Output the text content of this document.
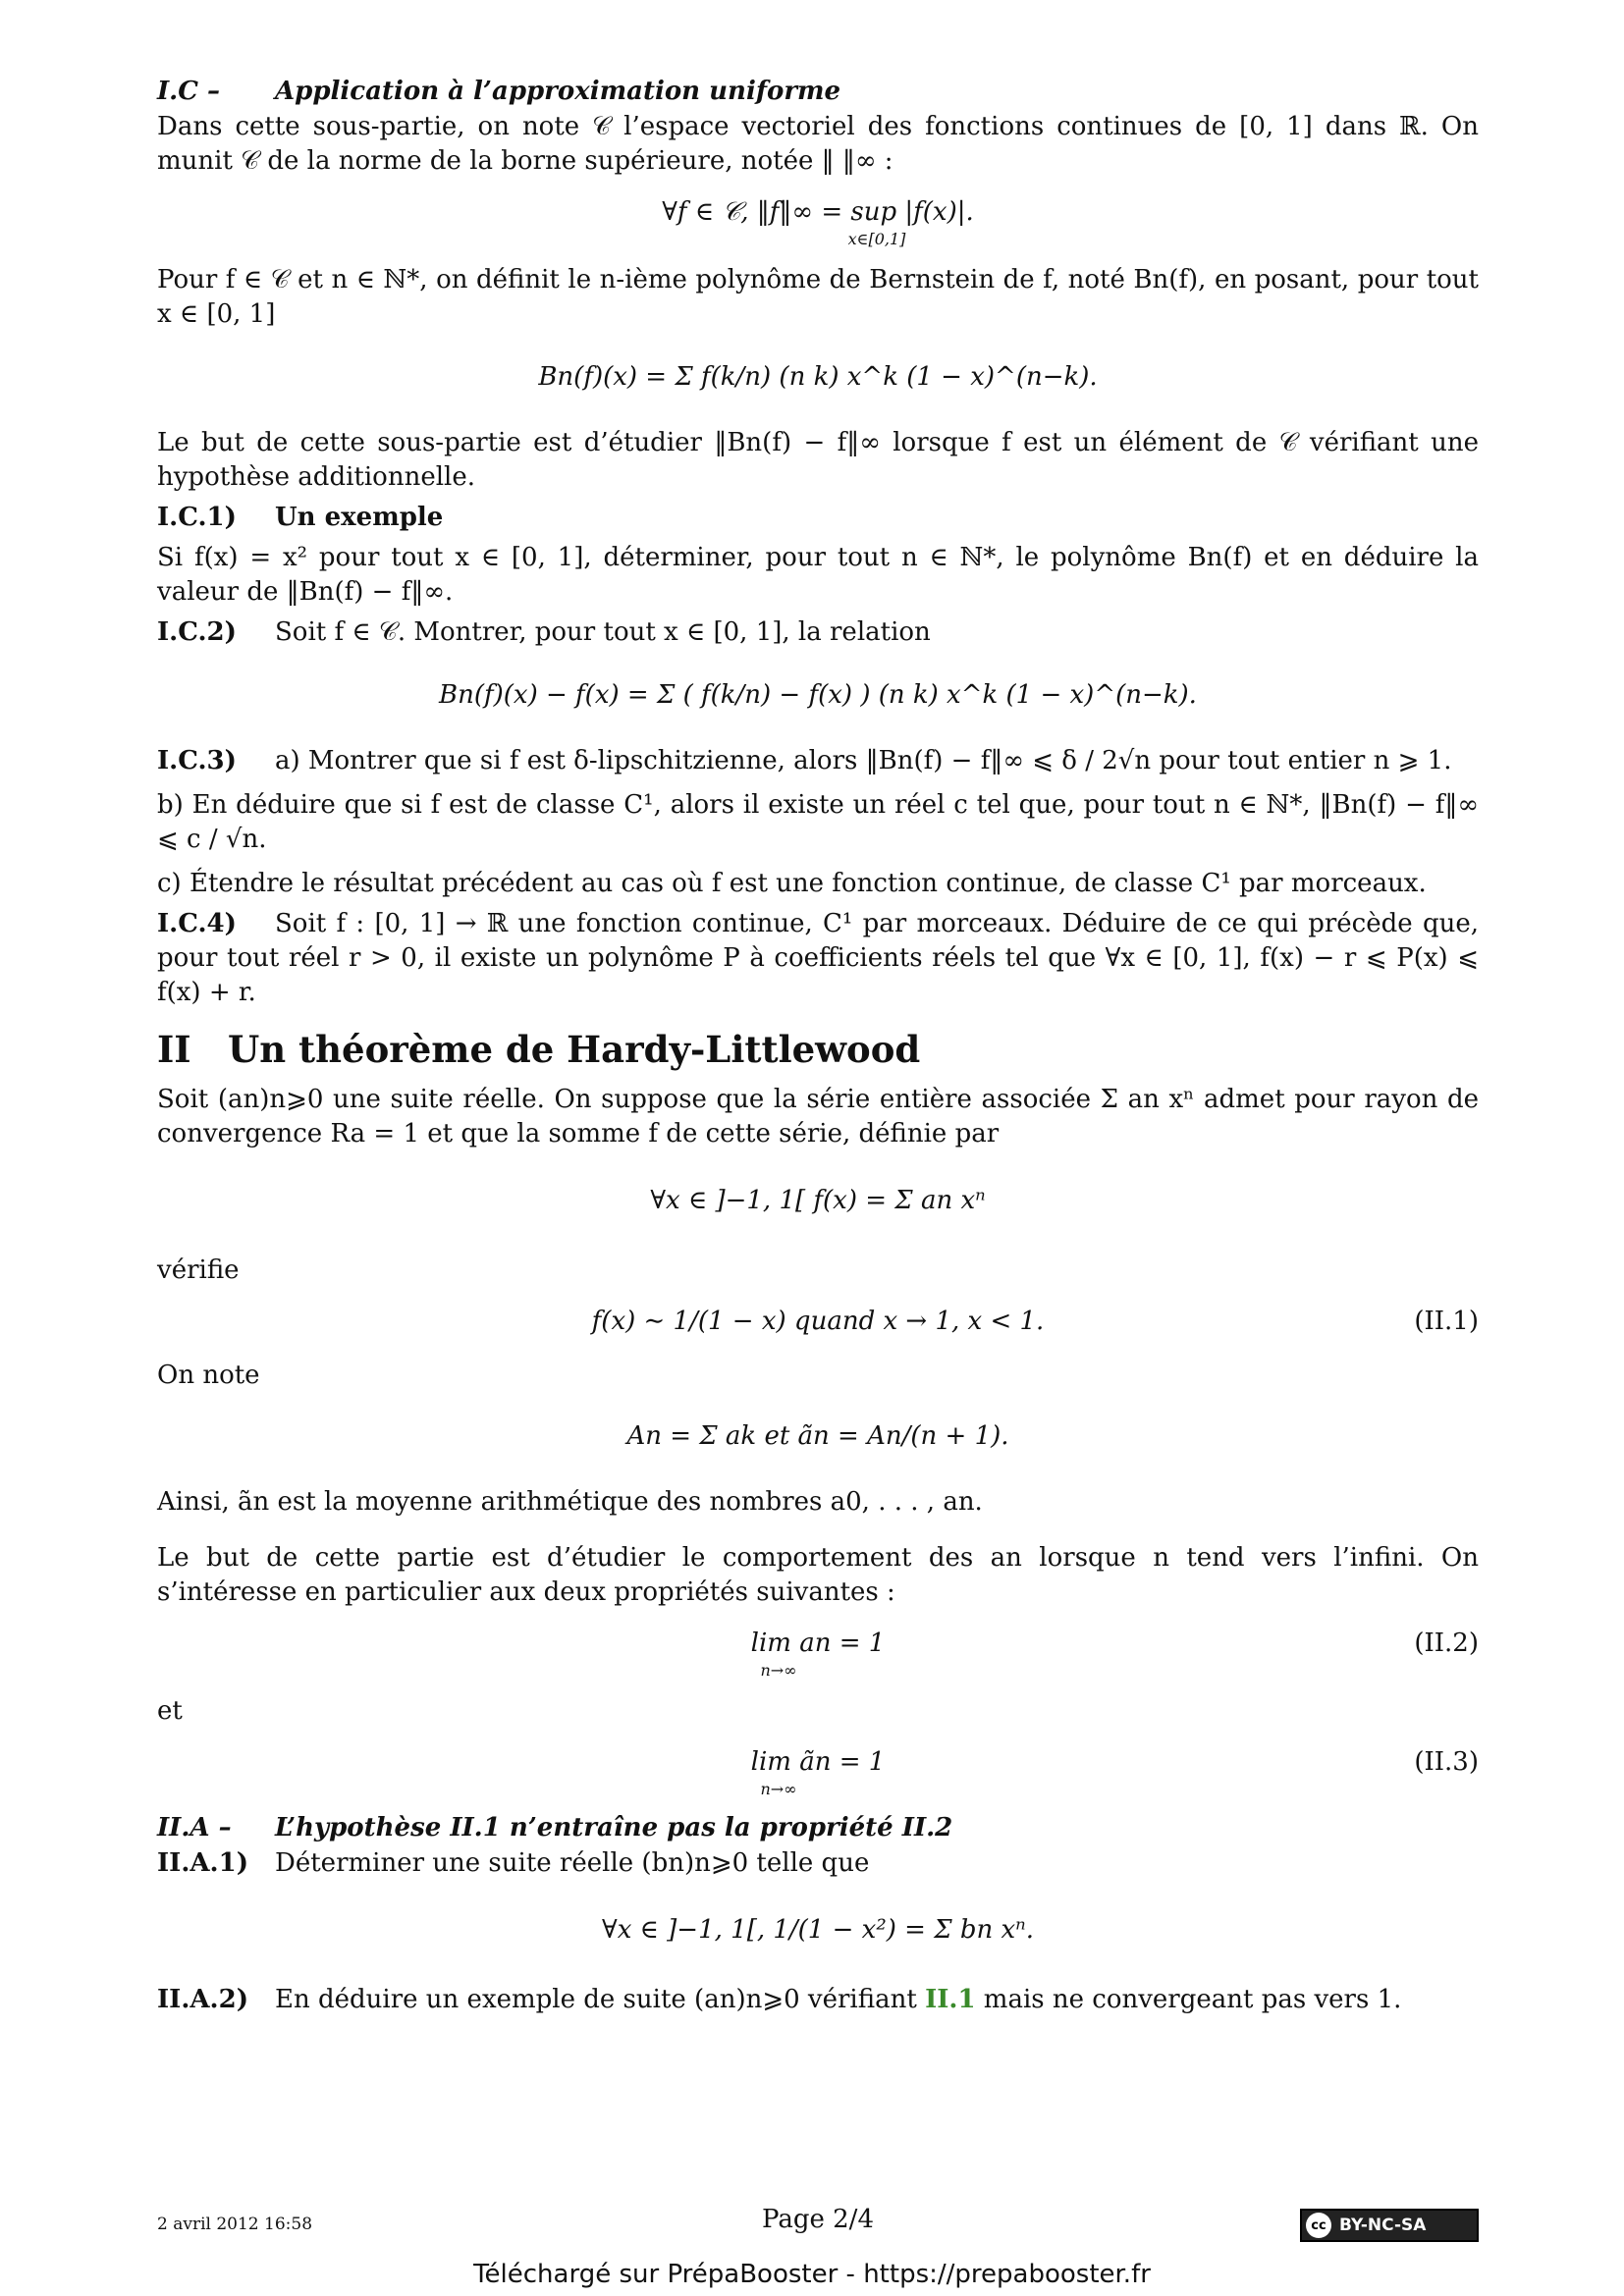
I.C – Application à l’approximation uniforme

Dans cette sous-partie, on note 𝒞 l’espace vectoriel des fonctions continues de [0, 1] dans ℝ. On munit 𝒞 de la norme de la borne supérieure, notée ‖ ‖∞ :

∀f ∈ 𝒞, ‖f‖∞ = sup |f(x)|.
x∈[0,1]

Pour f ∈ 𝒞 et n ∈ ℕ*, on définit le n-ième polynôme de Bernstein de f, noté Bn(f), en posant, pour tout x ∈ [0, 1]

Bn(f)(x) = Σ f(k/n) (n k) x^k (1 − x)^(n−k).

Le but de cette sous-partie est d’étudier ‖Bn(f) − f‖∞ lorsque f est un élément de 𝒞 vérifiant une hypothèse additionnelle.

I.C.1) Un exemple

Si f(x) = x² pour tout x ∈ [0, 1], déterminer, pour tout n ∈ ℕ*, le polynôme Bn(f) et en déduire la valeur de ‖Bn(f) − f‖∞.

I.C.2) Soit f ∈ 𝒞. Montrer, pour tout x ∈ [0, 1], la relation

Bn(f)(x) − f(x) = Σ ( f(k/n) − f(x) ) (n k) x^k (1 − x)^(n−k).

I.C.3) a) Montrer que si f est δ-lipschitzienne, alors ‖Bn(f) − f‖∞ ⩽ δ / 2√n pour tout entier n ⩾ 1.

b) En déduire que si f est de classe C¹, alors il existe un réel c tel que, pour tout n ∈ ℕ*, ‖Bn(f) − f‖∞ ⩽ c / √n.

c) Étendre le résultat précédent au cas où f est une fonction continue, de classe C¹ par morceaux.

I.C.4) Soit f : [0, 1] → ℝ une fonction continue, C¹ par morceaux. Déduire de ce qui précède que, pour tout réel r > 0, il existe un polynôme P à coefficients réels tel que ∀x ∈ [0, 1], f(x) − r ⩽ P(x) ⩽ f(x) + r.

II Un théorème de Hardy-Littlewood

Soit (an)n⩾0 une suite réelle. On suppose que la série entière associée Σ an xⁿ admet pour rayon de convergence Ra = 1 et que la somme f de cette série, définie par

∀x ∈ ]−1, 1[ f(x) = Σ an xⁿ

vérifie

f(x) ∼ 1/(1 − x) quand x → 1, x < 1.	(II.1)

On note

An = Σ ak et ãn = An/(n + 1).

Ainsi, ãn est la moyenne arithmétique des nombres a0, . . . , an.

Le but de cette partie est d’étudier le comportement des an lorsque n tend vers l’infini. On s’intéresse en particulier aux deux propriétés suivantes :

lim an = 1	(II.2)
n→∞

et

lim ãn = 1	(II.3)
n→∞
II.A – L’hypothèse II.1 n’entraîne pas la propriété II.2

II.A.1) Déterminer une suite réelle (bn)n⩾0 telle que

∀x ∈ ]−1, 1[, 1/(1 − x²) = Σ bn xⁿ.

II.A.2) En déduire un exemple de suite (an)n⩾0 vérifiant II.1 mais ne convergeant pas vers 1.

2 avril 2012 16:58	Page 2/4	cc BY-NC-SA
Téléchargé sur PrépaBooster - https://prepabooster.fr
